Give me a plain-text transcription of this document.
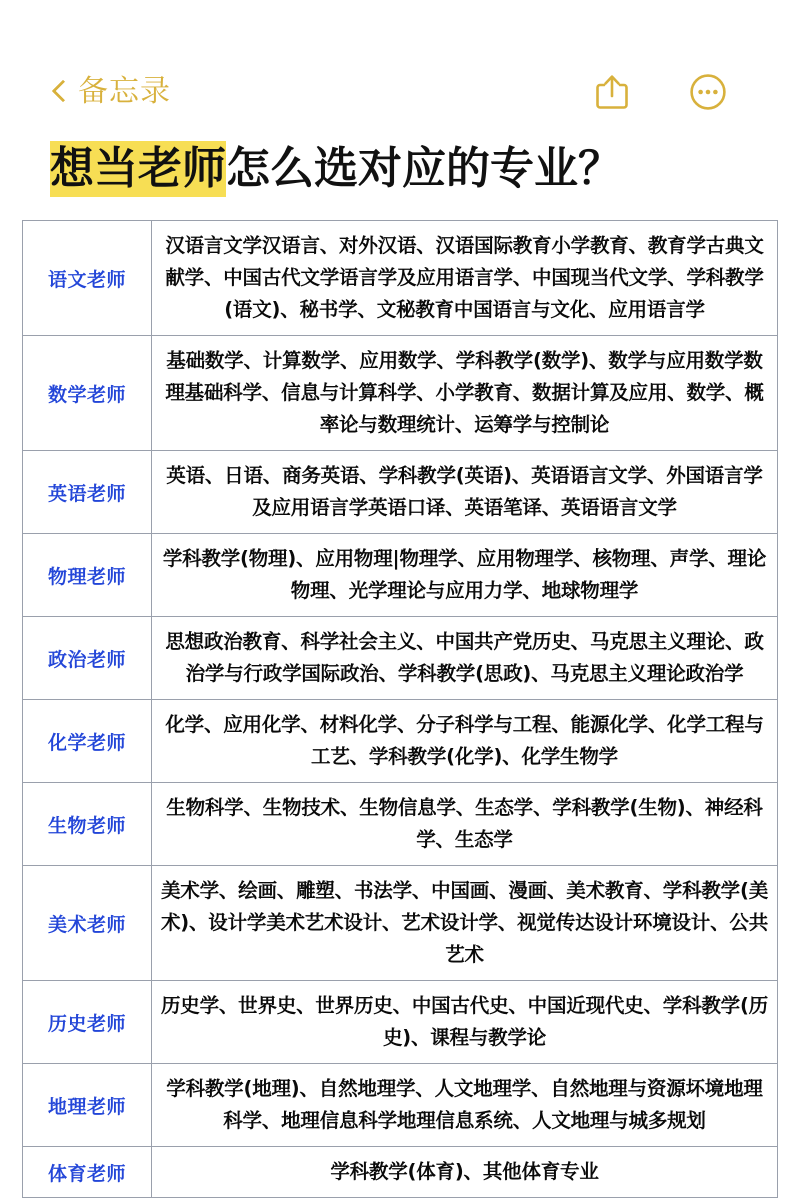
备忘录
想当老师怎么选对应的专业？
语文老师	汉语言文学汉语言、对外汉语、汉语国际教育小学教育、教育学古典文献学、中国古代文学语言学及应用语言学、中国现当代文学、学科教学(语文)、秘书学、文秘教育中国语言与文化、应用语言学
数学老师	基础数学、计算数学、应用数学、学科教学(数学)、数学与应用数学数理基础科学、信息与计算科学、小学教育、数据计算及应用、数学、概率论与数理统计、运筹学与控制论
英语老师	英语、日语、商务英语、学科教学(英语)、英语语言文学、外国语言学及应用语言学英语口译、英语笔译、英语语言文学
物理老师	学科教学(物理)、应用物理|物理学、应用物理学、核物理、声学、理论物理、光学理论与应用力学、地球物理学
政治老师	思想政治教育、科学社会主义、中国共产党历史、马克思主义理论、政治学与行政学国际政治、学科教学(思政)、马克思主义理论政治学
化学老师	化学、应用化学、材料化学、分子科学与工程、能源化学、化学工程与工艺、学科教学(化学)、化学生物学
生物老师	生物科学、生物技术、生物信息学、生态学、学科教学(生物)、神经科学、生态学
美术老师	美术学、绘画、雕塑、书法学、中国画、漫画、美术教育、学科教学(美术)、设计学美术艺术设计、艺术设计学、视觉传达设计环境设计、公共艺术
历史老师	历史学、世界史、世界历史、中国古代史、中国近现代史、学科教学(历史)、课程与教学论
地理老师	学科教学(地理)、自然地理学、人文地理学、自然地理与资源坏境地理科学、地理信息科学地理信息系统、人文地理与城多规划
体育老师	学科教学(体育)、其他体育专业
